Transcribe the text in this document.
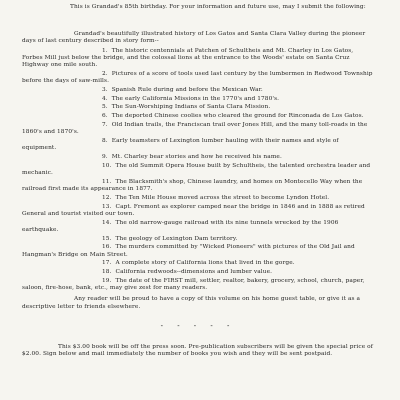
This is Grandad's 85th birthday. For your information and future use, may I submit the following:

Grandad's beautifully illustrated history of Los Gatos and Santa Clara Valley during the pioneer days of last century described in story form--

1. The historic centennials at Patchen of Schultheis and Mt. Charley in Los Gatos, Forbes Mill just below the bridge, and the colossal lions at the entrance to the Woods' estate on Santa Cruz Highway one mile south.

2. Pictures of a score of tools used last century by the lumbermen in Redwood Township before the days of saw-mills.

3. Spanish Rule during and before the Mexican War.

4. The early California Missions in the 1770's and 1780's.

5. The Sun-Worshiping Indians of Santa Clara Mission.

6. The deported Chinese coolies who cleared the ground for Rinconada de Los Gatos.

7. Old Indian trails, the Franciscan trail over Jones Hill, and the many toll-roads in the 1860's and 1870's.

8. Early teamsters of Lexington lumber hauling with their names and style of equipment.

9. Mt. Charley bear stories and how he received his name.

10. The old Summit Opera House built by Schultheis, the talented orchestra leader and mechanic.

11. The Blacksmith's shop, Chinese laundry, and homes on Montecello Way when the railroad first made its appearance in 1877.

12. The Ten Mile House moved across the street to become Lyndon Hotel.

13. Capt. Fremont as explorer camped near the bridge in 1846 and in 1888 as retired General and tourist visited our town.

14. The old narrow-gauge railroad with its nine tunnels wrecked by the 1906 earthquake.

15. The geology of Lexington Dam territory.

16. The murders committed by "Wicked Pioneers" with pictures of the Old Jail and Hangman's Bridge on Main Street.

17. A complete story of California lions that lived in the gorge.

18. California redwoods--dimensions and lumber value.

19. The date of the FIRST mill, settler, realtor, bakery, grocery, school, church, paper, saloon, fire-hose, bank, etc., may give zest for many readers.

Any reader will be proud to have a copy of this volume on his home guest table, or give it as a descriptive letter to friends elsewhere.

- - - - -

This $3.00 book will be off the press soon. Pre-publication subscribers will be given the special price of $2.00. Sign below and mail immediately the number of books you wish and they will be sent postpaid.
